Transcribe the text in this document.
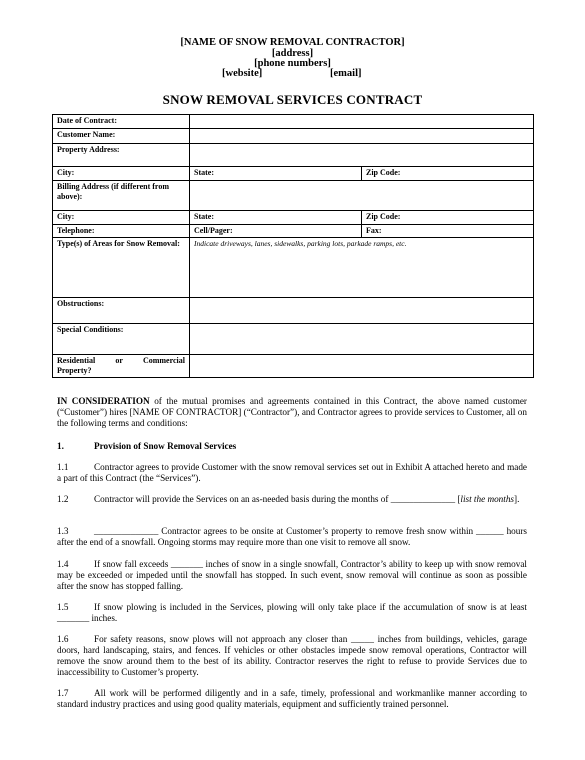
[NAME OF SNOW REMOVAL CONTRACTOR]
[address]
[phone numbers]
[website]	[email]
SNOW REMOVAL SERVICES CONTRACT
Date of Contract:		
Customer Name:		
Property Address:		
City:	State:	Zip Code:
Billing Address (if different from above):		
City:	State:	Zip Code:
Telephone:	Cell/Pager:	Fax:
Type(s) of Areas for Snow Removal:	Indicate driveways, lanes, sidewalks, parking lots, parkade ramps, etc.	
Obstructions:		
Special Conditions:		
Residential or Commercial Property?		
IN CONSIDERATION of the mutual promises and agreements contained in this Contract, the above named customer (“Customer”) hires [NAME OF CONTRACTOR] (“Contractor”), and Contractor agrees to provide services to Customer, all on the following terms and conditions:
1.	Provision of Snow Removal Services
1.1	Contractor agrees to provide Customer with the snow removal services set out in Exhibit A attached hereto and made a part of this Contract (the “Services”).
1.2	Contractor will provide the Services on an as-needed basis during the months of ______________ [list the months].
1.3	______________ Contractor agrees to be onsite at Customer’s property to remove fresh snow within ______ hours after the end of a snowfall. Ongoing storms may require more than one visit to remove all snow.
1.4	If snow fall exceeds _______ inches of snow in a single snowfall, Contractor’s ability to keep up with snow removal may be exceeded or impeded until the snowfall has stopped. In such event, snow removal will continue as soon as possible after the snow has stopped falling.
1.5	If snow plowing is included in the Services, plowing will only take place if the accumulation of snow is at least _______ inches.
1.6	For safety reasons, snow plows will not approach any closer than _____ inches from buildings, vehicles, garage doors, hard landscaping, stairs, and fences. If vehicles or other obstacles impede snow removal operations, Contractor will remove the snow around them to the best of its ability. Contractor reserves the right to refuse to provide Services due to inaccessibility to Customer’s property.
1.7	All work will be performed diligently and in a safe, timely, professional and workmanlike manner according to standard industry practices and using good quality materials, equipment and sufficiently trained personnel.
